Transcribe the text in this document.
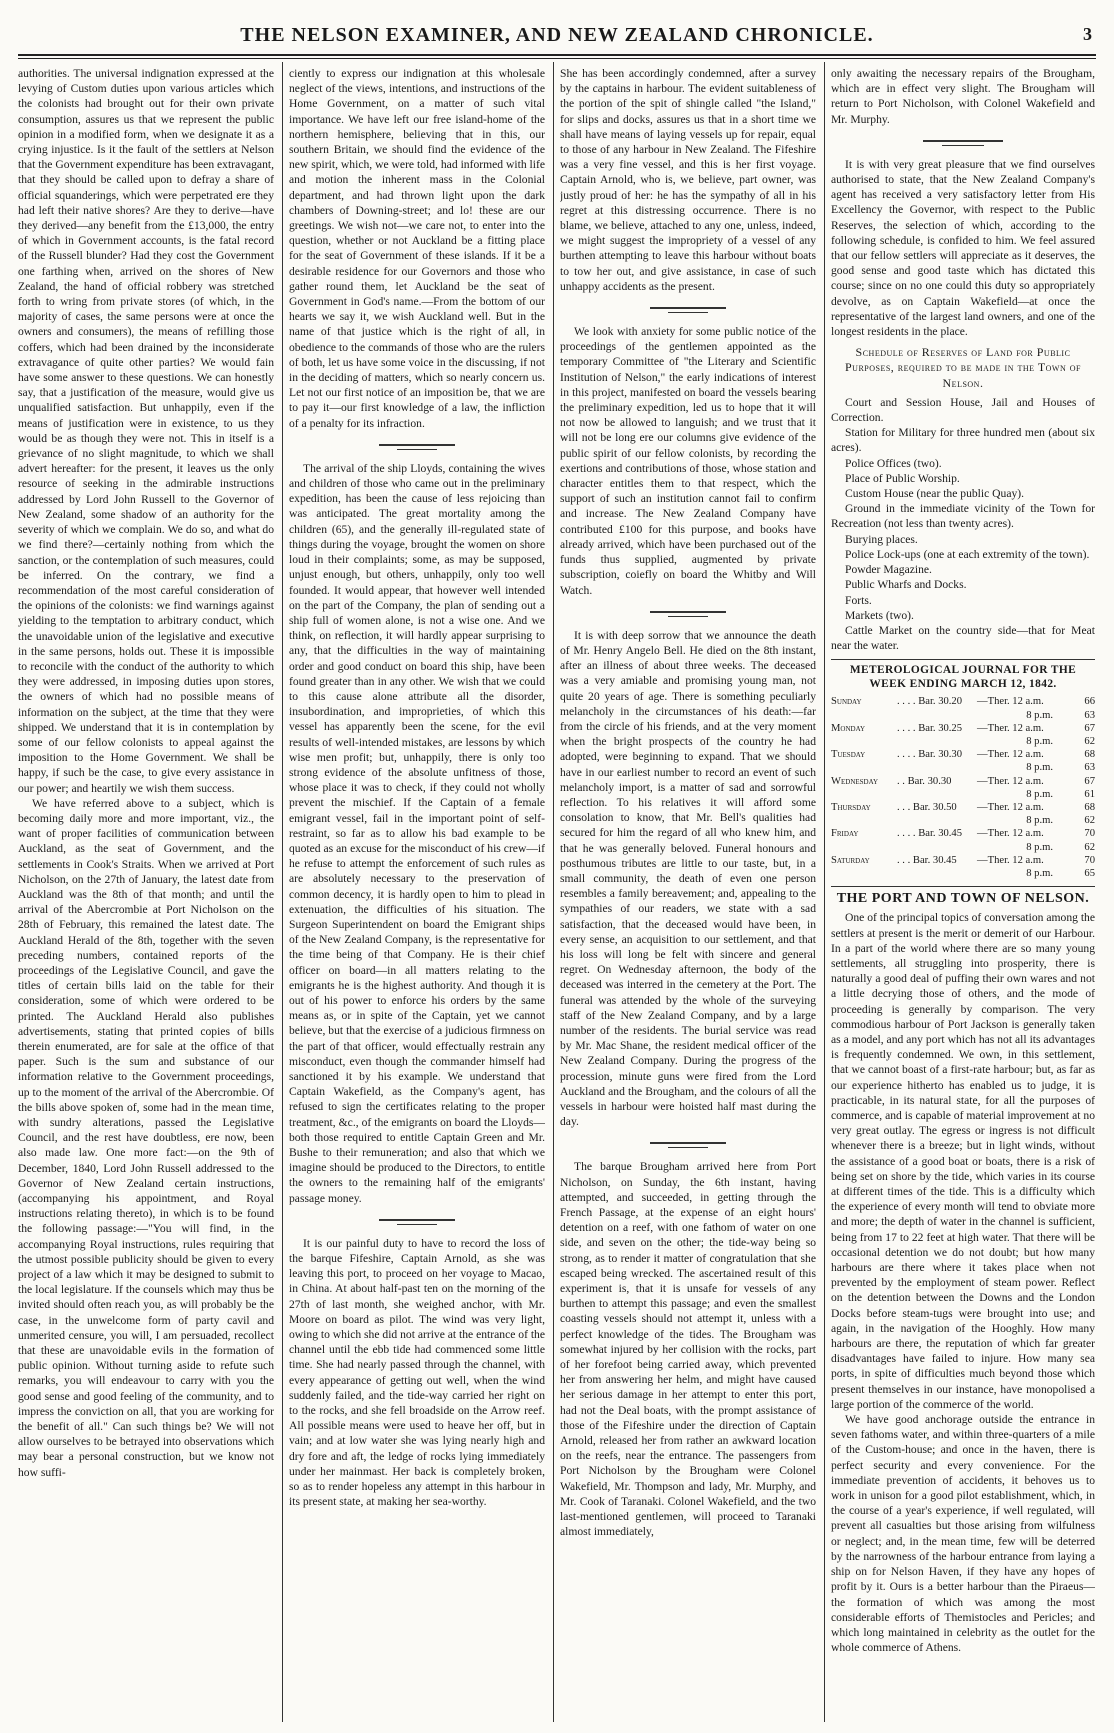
THE NELSON EXAMINER, AND NEW ZEALAND CHRONICLE.	3

authorities. The universal indignation expressed at the levying of Custom duties upon various articles which the colonists had brought out for their own private consumption, assures us that we represent the public opinion in a modified form, when we designate it as a crying injustice. Is it the fault of the settlers at Nelson that the Government expenditure has been extravagant, that they should be called upon to defray a share of official squanderings, which were perpetrated ere they had left their native shores? Are they to derive—have they derived—any benefit from the £13,000, the entry of which in Government accounts, is the fatal record of the Russell blunder? Had they cost the Government one farthing when, arrived on the shores of New Zealand, the hand of official robbery was stretched forth to wring from private stores (of which, in the majority of cases, the same persons were at once the owners and consumers), the means of refilling those coffers, which had been drained by the inconsiderate extravagance of quite other parties? We would fain have some answer to these questions. We can honestly say, that a justification of the measure, would give us unqualified satisfaction. But unhappily, even if the means of justification were in existence, to us they would be as though they were not. This in itself is a grievance of no slight magnitude, to which we shall advert hereafter: for the present, it leaves us the only resource of seeking in the admirable instructions addressed by Lord John Russell to the Governor of New Zealand, some shadow of an authority for the severity of which we complain. We do so, and what do we find there?—certainly nothing from which the sanction, or the contemplation of such measures, could be inferred. On the contrary, we find a recommendation of the most careful consideration of the opinions of the colonists: we find warnings against yielding to the temptation to arbitrary conduct, which the unavoidable union of the legislative and executive in the same persons, holds out. These it is impossible to reconcile with the conduct of the authority to which they were addressed, in imposing duties upon stores, the owners of which had no possible means of information on the subject, at the time that they were shipped. We understand that it is in contemplation by some of our fellow colonists to appeal against the imposition to the Home Government. We shall be happy, if such be the case, to give every assistance in our power; and heartily we wish them success.

We have referred above to a subject, which is becoming daily more and more important, viz., the want of proper facilities of communication between Auckland, as the seat of Government, and the settlements in Cook's Straits. When we arrived at Port Nicholson, on the 27th of January, the latest date from Auckland was the 8th of that month; and until the arrival of the Abercrombie at Port Nicholson on the 28th of February, this remained the latest date. The Auckland Herald of the 8th, together with the seven preceding numbers, contained reports of the proceedings of the Legislative Council, and gave the titles of certain bills laid on the table for their consideration, some of which were ordered to be printed. The Auckland Herald also publishes advertisements, stating that printed copies of bills therein enumerated, are for sale at the office of that paper. Such is the sum and substance of our information relative to the Government proceedings, up to the moment of the arrival of the Abercrombie. Of the bills above spoken of, some had in the mean time, with sundry alterations, passed the Legislative Council, and the rest have doubtless, ere now, been also made law. One more fact:—on the 9th of December, 1840, Lord John Russell addressed to the Governor of New Zealand certain instructions, (accompanying his appointment, and Royal instructions relating thereto), in which is to be found the following passage:—"You will find, in the accompanying Royal instructions, rules requiring that the utmost possible publicity should be given to every project of a law which it may be designed to submit to the local legislature. If the counsels which may thus be invited should often reach you, as will probably be the case, in the unwelcome form of party cavil and unmerited censure, you will, I am persuaded, recollect that these are unavoidable evils in the formation of public opinion. Without turning aside to refute such remarks, you will endeavour to carry with you the good sense and good feeling of the community, and to impress the conviction on all, that you are working for the benefit of all." Can such things be? We will not allow ourselves to be betrayed into observations which may bear a personal construction, but we know not how suffi-

ciently to express our indignation at this wholesale neglect of the views, intentions, and instructions of the Home Government, on a matter of such vital importance. We have left our free island-home of the northern hemisphere, believing that in this, our southern Britain, we should find the evidence of the new spirit, which, we were told, had informed with life and motion the inherent mass in the Colonial department, and had thrown light upon the dark chambers of Downing-street; and lo! these are our greetings. We wish not—we care not, to enter into the question, whether or not Auckland be a fitting place for the seat of Government of these islands. If it be a desirable residence for our Governors and those who gather round them, let Auckland be the seat of Government in God's name.—From the bottom of our hearts we say it, we wish Auckland well. But in the name of that justice which is the right of all, in obedience to the commands of those who are the rulers of both, let us have some voice in the discussing, if not in the deciding of matters, which so nearly concern us. Let not our first notice of an imposition be, that we are to pay it—our first knowledge of a law, the infliction of a penalty for its infraction.

The arrival of the ship Lloyds, containing the wives and children of those who came out in the preliminary expedition, has been the cause of less rejoicing than was anticipated. The great mortality among the children (65), and the generally ill-regulated state of things during the voyage, brought the women on shore loud in their complaints; some, as may be supposed, unjust enough, but others, unhappily, only too well founded. It would appear, that however well intended on the part of the Company, the plan of sending out a ship full of women alone, is not a wise one. And we think, on reflection, it will hardly appear surprising to any, that the difficulties in the way of maintaining order and good conduct on board this ship, have been found greater than in any other. We wish that we could to this cause alone attribute all the disorder, insubordination, and improprieties, of which this vessel has apparently been the scene, for the evil results of well-intended mistakes, are lessons by which wise men profit; but, unhappily, there is only too strong evidence of the absolute unfitness of those, whose place it was to check, if they could not wholly prevent the mischief. If the Captain of a female emigrant vessel, fail in the important point of self-restraint, so far as to allow his bad example to be quoted as an excuse for the misconduct of his crew—if he refuse to attempt the enforcement of such rules as are absolutely necessary to the preservation of common decency, it is hardly open to him to plead in extenuation, the difficulties of his situation. The Surgeon Superintendent on board the Emigrant ships of the New Zealand Company, is the representative for the time being of that Company. He is their chief officer on board—in all matters relating to the emigrants he is the highest authority. And though it is out of his power to enforce his orders by the same means as, or in spite of the Captain, yet we cannot believe, but that the exercise of a judicious firmness on the part of that officer, would effectually restrain any misconduct, even though the commander himself had sanctioned it by his example. We understand that Captain Wakefield, as the Company's agent, has refused to sign the certificates relating to the proper treatment, &c., of the emigrants on board the Lloyds—both those required to entitle Captain Green and Mr. Bushe to their remuneration; and also that which we imagine should be produced to the Directors, to entitle the owners to the remaining half of the emigrants' passage money.

It is our painful duty to have to record the loss of the barque Fifeshire, Captain Arnold, as she was leaving this port, to proceed on her voyage to Macao, in China. At about half-past ten on the morning of the 27th of last month, she weighed anchor, with Mr. Moore on board as pilot. The wind was very light, owing to which she did not arrive at the entrance of the channel until the ebb tide had commenced some little time. She had nearly passed through the channel, with every appearance of getting out well, when the wind suddenly failed, and the tide-way carried her right on to the rocks, and she fell broadside on the Arrow reef. All possible means were used to heave her off, but in vain; and at low water she was lying nearly high and dry fore and aft, the ledge of rocks lying immediately under her mainmast. Her back is completely broken, so as to render hopeless any attempt in this harbour in its present state, at making her sea-worthy.

She has been accordingly condemned, after a survey by the captains in harbour. The evident suitableness of the portion of the spit of shingle called "the Island," for slips and docks, assures us that in a short time we shall have means of laying vessels up for repair, equal to those of any harbour in New Zealand. The Fifeshire was a very fine vessel, and this is her first voyage. Captain Arnold, who is, we believe, part owner, was justly proud of her: he has the sympathy of all in his regret at this distressing occurrence. There is no blame, we believe, attached to any one, unless, indeed, we might suggest the impropriety of a vessel of any burthen attempting to leave this harbour without boats to tow her out, and give assistance, in case of such unhappy accidents as the present.

We look with anxiety for some public notice of the proceedings of the gentlemen appointed as the temporary Committee of "the Literary and Scientific Institution of Nelson," the early indications of interest in this project, manifested on board the vessels bearing the preliminary expedition, led us to hope that it will not now be allowed to languish; and we trust that it will not be long ere our columns give evidence of the public spirit of our fellow colonists, by recording the exertions and contributions of those, whose station and character entitles them to that respect, which the support of such an institution cannot fail to confirm and increase. The New Zealand Company have contributed £100 for this purpose, and books have already arrived, which have been purchased out of the funds thus supplied, augmented by private subscription, coiefly on board the Whitby and Will Watch.

It is with deep sorrow that we announce the death of Mr. Henry Angelo Bell. He died on the 8th instant, after an illness of about three weeks. The deceased was a very amiable and promising young man, not quite 20 years of age. There is something peculiarly melancholy in the circumstances of his death:—far from the circle of his friends, and at the very moment when the bright prospects of the country he had adopted, were beginning to expand. That we should have in our earliest number to record an event of such melancholy import, is a matter of sad and sorrowful reflection. To his relatives it will afford some consolation to know, that Mr. Bell's qualities had secured for him the regard of all who knew him, and that he was generally beloved. Funeral honours and posthumous tributes are little to our taste, but, in a small community, the death of even one person resembles a family bereavement; and, appealing to the sympathies of our readers, we state with a sad satisfaction, that the deceased would have been, in every sense, an acquisition to our settlement, and that his loss will long be felt with sincere and general regret. On Wednesday afternoon, the body of the deceased was interred in the cemetery at the Port. The funeral was attended by the whole of the surveying staff of the New Zealand Company, and by a large number of the residents. The burial service was read by Mr. Mac Shane, the resident medical officer of the New Zealand Company. During the progress of the procession, minute guns were fired from the Lord Auckland and the Brougham, and the colours of all the vessels in harbour were hoisted half mast during the day.

The barque Brougham arrived here from Port Nicholson, on Sunday, the 6th instant, having attempted, and succeeded, in getting through the French Passage, at the expense of an eight hours' detention on a reef, with one fathom of water on one side, and seven on the other; the tide-way being so strong, as to render it matter of congratulation that she escaped being wrecked. The ascertained result of this experiment is, that it is unsafe for vessels of any burthen to attempt this passage; and even the smallest coasting vessels should not attempt it, unless with a perfect knowledge of the tides. The Brougham was somewhat injured by her collision with the rocks, part of her forefoot being carried away, which prevented her from answering her helm, and might have caused her serious damage in her attempt to enter this port, had not the Deal boats, with the prompt assistance of those of the Fifeshire under the direction of Captain Arnold, released her from rather an awkward location on the reefs, near the entrance. The passengers from Port Nicholson by the Brougham were Colonel Wakefield, Mr. Thompson and lady, Mr. Murphy, and Mr. Cook of Taranaki. Colonel Wakefield, and the two last-mentioned gentlemen, will proceed to Taranaki almost immediately,

only awaiting the necessary repairs of the Brougham, which are in effect very slight. The Brougham will return to Port Nicholson, with Colonel Wakefield and Mr. Murphy.

It is with very great pleasure that we find ourselves authorised to state, that the New Zealand Company's agent has received a very satisfactory letter from His Excellency the Governor, with respect to the Public Reserves, the selection of which, according to the following schedule, is confided to him. We feel assured that our fellow settlers will appreciate as it deserves, the good sense and good taste which has dictated this course; since on no one could this duty so appropriately devolve, as on Captain Wakefield—at once the representative of the largest land owners, and one of the longest residents in the place.

Schedule of Reserves of Land for Public Purposes, required to be made in the Town of Nelson.

Court and Session House, Jail and Houses of Correction.

Station for Military for three hundred men (about six acres).

Police Offices (two).

Place of Public Worship.

Custom House (near the public Quay).

Ground in the immediate vicinity of the Town for Recreation (not less than twenty acres).

Burying places.

Police Lock-ups (one at each extremity of the town).

Powder Magazine.

Public Wharfs and Docks.

Forts.

Markets (two).

Cattle Market on the country side—that for Meat near the water.

METEROLOGICAL JOURNAL FOR THE WEEK ENDING MARCH 12, 1842.
Sunday	. . . . Bar. 30.20	—Ther. 12 a.m.	66
		8 p.m.	63
Monday	. . . . Bar. 30.25	—Ther. 12 a.m.	67
		8 p.m.	62
Tuesday	. . . . Bar. 30.30	—Ther. 12 a.m.	68
		8 p.m.	63
Wednesday	. . Bar. 30.30	—Ther. 12 a.m.	67
		8 p.m.	61
Thursday	. . . Bar. 30.50	—Ther. 12 a.m.	68
		8 p.m.	62
Friday	. . . . Bar. 30.45	—Ther. 12 a.m.	70
		8 p.m.	62
Saturday	. . . Bar. 30.45	—Ther. 12 a.m.	70
		8 p.m.	65
THE PORT AND TOWN OF NELSON.

One of the principal topics of conversation among the settlers at present is the merit or demerit of our Harbour. In a part of the world where there are so many young settlements, all struggling into prosperity, there is naturally a good deal of puffing their own wares and not a little decrying those of others, and the mode of proceeding is generally by comparison. The very commodious harbour of Port Jackson is generally taken as a model, and any port which has not all its advantages is frequently condemned. We own, in this settlement, that we cannot boast of a first-rate harbour; but, as far as our experience hitherto has enabled us to judge, it is practicable, in its natural state, for all the purposes of commerce, and is capable of material improvement at no very great outlay. The egress or ingress is not difficult whenever there is a breeze; but in light winds, without the assistance of a good boat or boats, there is a risk of being set on shore by the tide, which varies in its course at different times of the tide. This is a difficulty which the experience of every month will tend to obviate more and more; the depth of water in the channel is sufficient, being from 17 to 22 feet at high water. That there will be occasional detention we do not doubt; but how many harbours are there where it takes place when not prevented by the employment of steam power. Reflect on the detention between the Downs and the London Docks before steam-tugs were brought into use; and again, in the navigation of the Hooghly. How many harbours are there, the reputation of which far greater disadvantages have failed to injure. How many sea ports, in spite of difficulties much beyond those which present themselves in our instance, have monopolised a large portion of the commerce of the world.

We have good anchorage outside the entrance in seven fathoms water, and within three-quarters of a mile of the Custom-house; and once in the haven, there is perfect security and every convenience. For the immediate prevention of accidents, it behoves us to work in unison for a good pilot establishment, which, in the course of a year's experience, if well regulated, will prevent all casualties but those arising from wilfulness or neglect; and, in the mean time, few will be deterred by the narrowness of the harbour entrance from laying a ship on for Nelson Haven, if they have any hopes of profit by it. Ours is a better harbour than the Piraeus—the formation of which was among the most considerable efforts of Themistocles and Pericles; and which long maintained in celebrity as the outlet for the whole commerce of Athens.
